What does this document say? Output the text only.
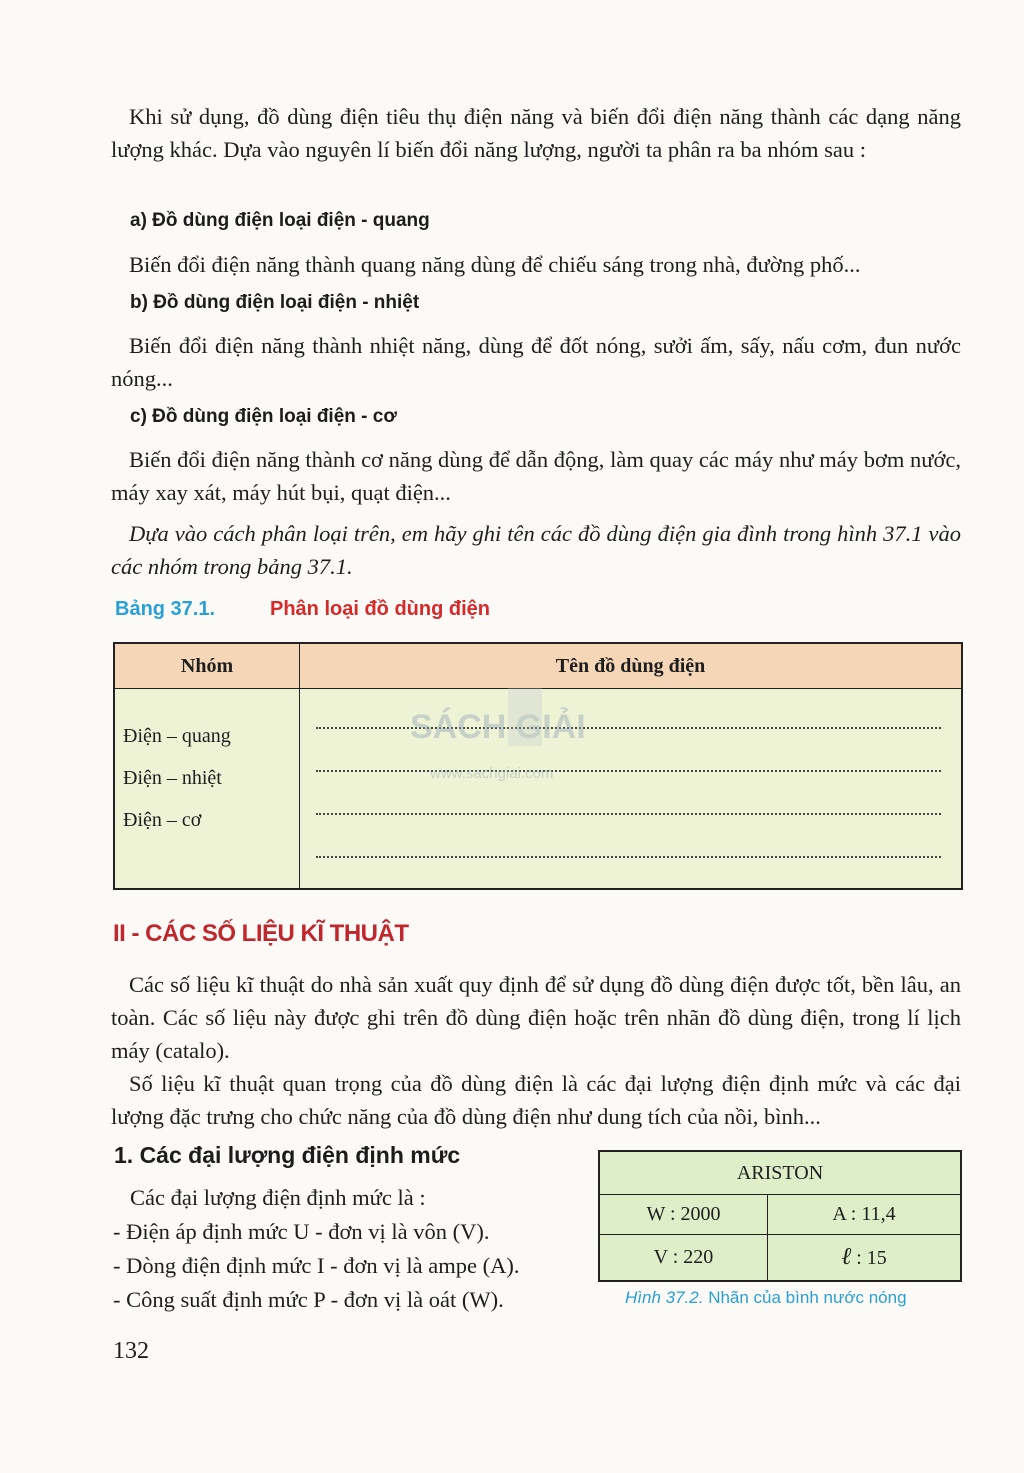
Khi sử dụng, đồ dùng điện tiêu thụ điện năng và biến đổi điện năng thành các dạng năng lượng khác. Dựa vào nguyên lí biến đổi năng lượng, người ta phân ra ba nhóm sau :
a) Đồ dùng điện loại điện - quang
Biến đổi điện năng thành quang năng dùng để chiếu sáng trong nhà, đường phố...
b) Đồ dùng điện loại điện - nhiệt
Biến đổi điện năng thành nhiệt năng, dùng để đốt nóng, sưởi ấm, sấy, nấu cơm, đun nước nóng...
c) Đồ dùng điện loại điện - cơ
Biến đổi điện năng thành cơ năng dùng để dẫn động, làm quay các máy như máy bơm nước, máy xay xát, máy hút bụi, quạt điện...
Dựa vào cách phân loại trên, em hãy ghi tên các đồ dùng điện gia đình trong hình 37.1 vào các nhóm trong bảng 37.1.
Bảng 37.1.	Phân loại đồ dùng điện
Nhóm	Tên đồ dùng điện

Điện – quang
Điện – nhiệt
Điện – cơ	

SÁCH GIẢI
www.sachgiai.com
II - CÁC SỐ LIỆU KĨ THUẬT
Các số liệu kĩ thuật do nhà sản xuất quy định để sử dụng đồ dùng điện được tốt, bền lâu, an toàn. Các số liệu này được ghi trên đồ dùng điện hoặc trên nhãn đồ dùng điện, trong lí lịch máy (catalo).
Số liệu kĩ thuật quan trọng của đồ dùng điện là các đại lượng điện định mức và các đại lượng đặc trưng cho chức năng của đồ dùng điện như dung tích của nồi, bình...
1. Các đại lượng điện định mức
Các đại lượng điện định mức là :
- Điện áp định mức U - đơn vị là vôn (V).
- Dòng điện định mức I - đơn vị là ampe (A).
- Công suất định mức P - đơn vị là oát (W).
ARISTON	
W : 2000	A : 11,4
V : 220	ℓ : 15
Hình 37.2. Nhãn của bình nước nóng
132
